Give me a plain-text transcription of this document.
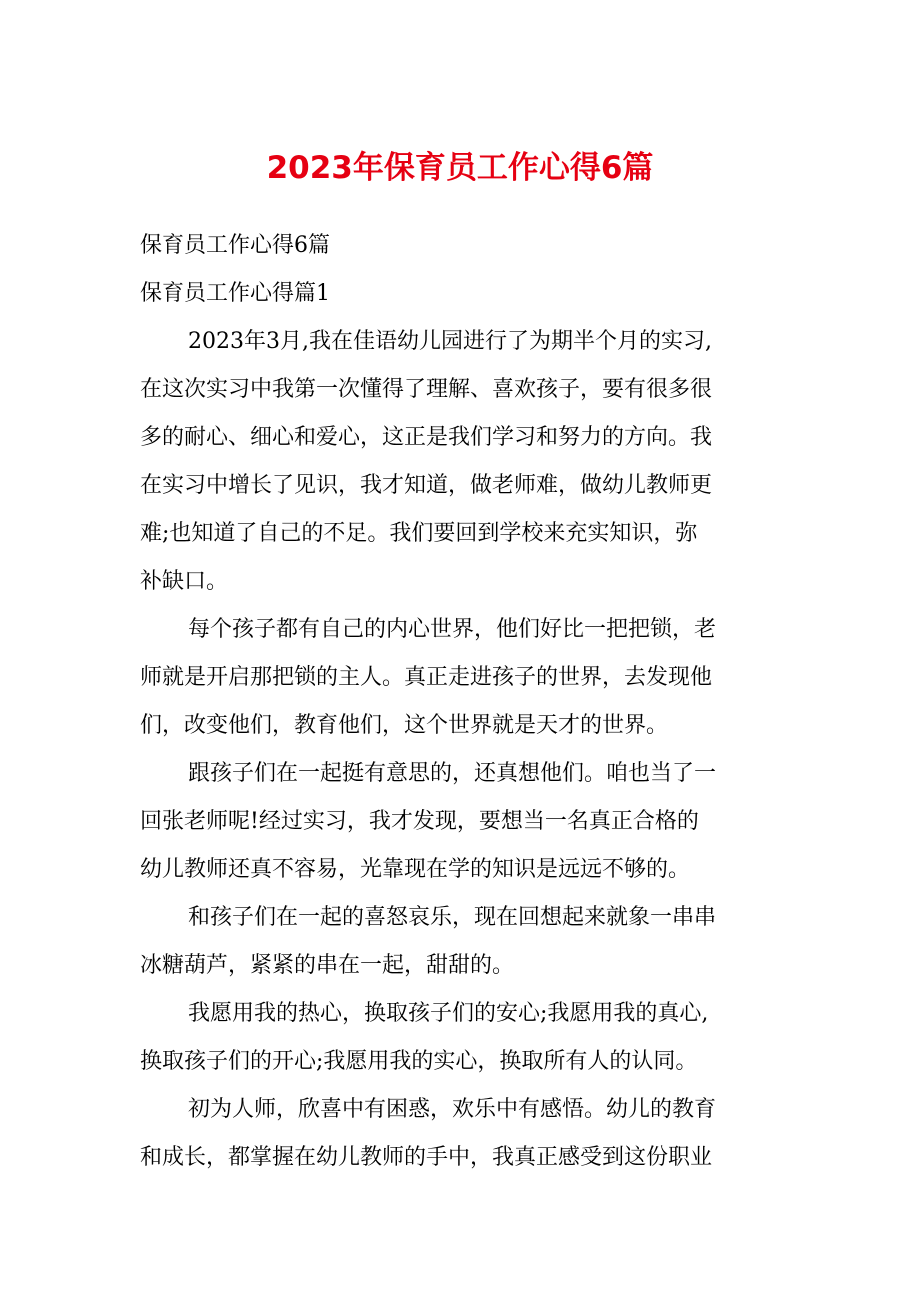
2023年保育员工作心得6篇
保育员工作心得6篇
保育员工作心得篇1
2023年3月,我在佳语幼儿园进行了为期半个月的实习,
在这次实习中我第一次懂得了理解、喜欢孩子，要有很多很
多的耐心、细心和爱心，这正是我们学习和努力的方向。我
在实习中增长了见识，我才知道，做老师难，做幼儿教师更
难;也知道了自己的不足。我们要回到学校来充实知识，弥
补缺口。
每个孩子都有自己的内心世界，他们好比一把把锁，老
师就是开启那把锁的主人。真正走进孩子的世界，去发现他
们，改变他们，教育他们，这个世界就是天才的世界。
跟孩子们在一起挺有意思的，还真想他们。咱也当了一
回张老师呢!经过实习，我才发现，要想当一名真正合格的
幼儿教师还真不容易，光靠现在学的知识是远远不够的。
和孩子们在一起的喜怒哀乐，现在回想起来就象一串串
冰糖葫芦，紧紧的串在一起，甜甜的。
我愿用我的热心，换取孩子们的安心;我愿用我的真心,
换取孩子们的开心;我愿用我的实心，换取所有人的认同。
初为人师，欣喜中有困惑，欢乐中有感悟。幼儿的教育
和成长，都掌握在幼儿教师的手中，我真正感受到这份职业
